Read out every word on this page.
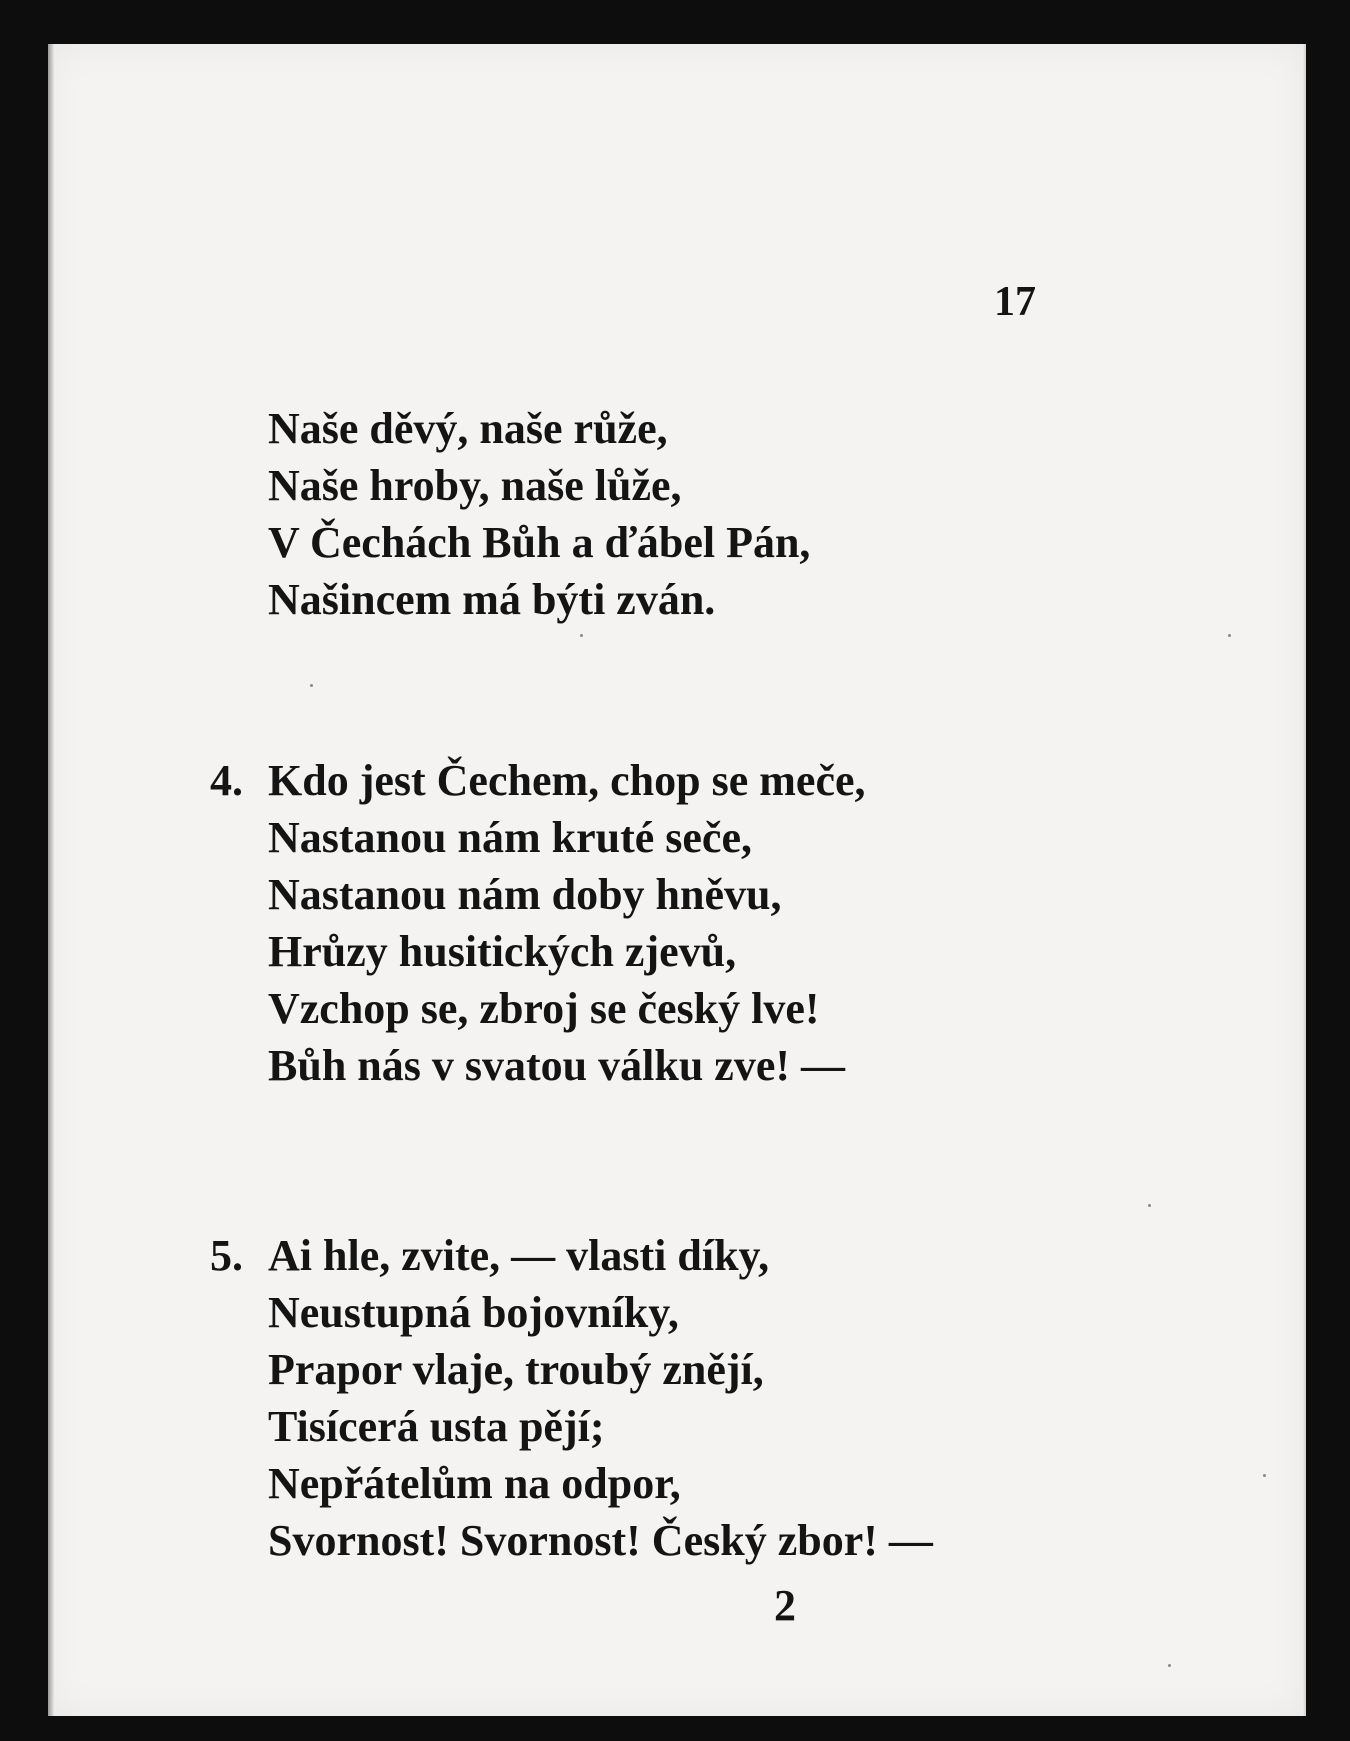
17
Naše děvý, naše růže,
Naše hroby, naše lůže,
V Čechách Bůh a ďábel Pán,
Našincem má býti zván.
4. Kdo jest Čechem, chop se meče,
Nastanou nám kruté seče,
Nastanou nám doby hněvu,
Hrůzy husitických zjevů,
Vzchop se, zbroj se český lve!
Bůh nás v svatou válku zve! —
5. Ai hle, zvite, — vlasti díky,
Neustupná bojovníky,
Prapor vlaje, troubý znějí,
Tisícerá usta pějí;
Nepřátelům na odpor,
Svornost! Svornost! Český zbor! —
2
